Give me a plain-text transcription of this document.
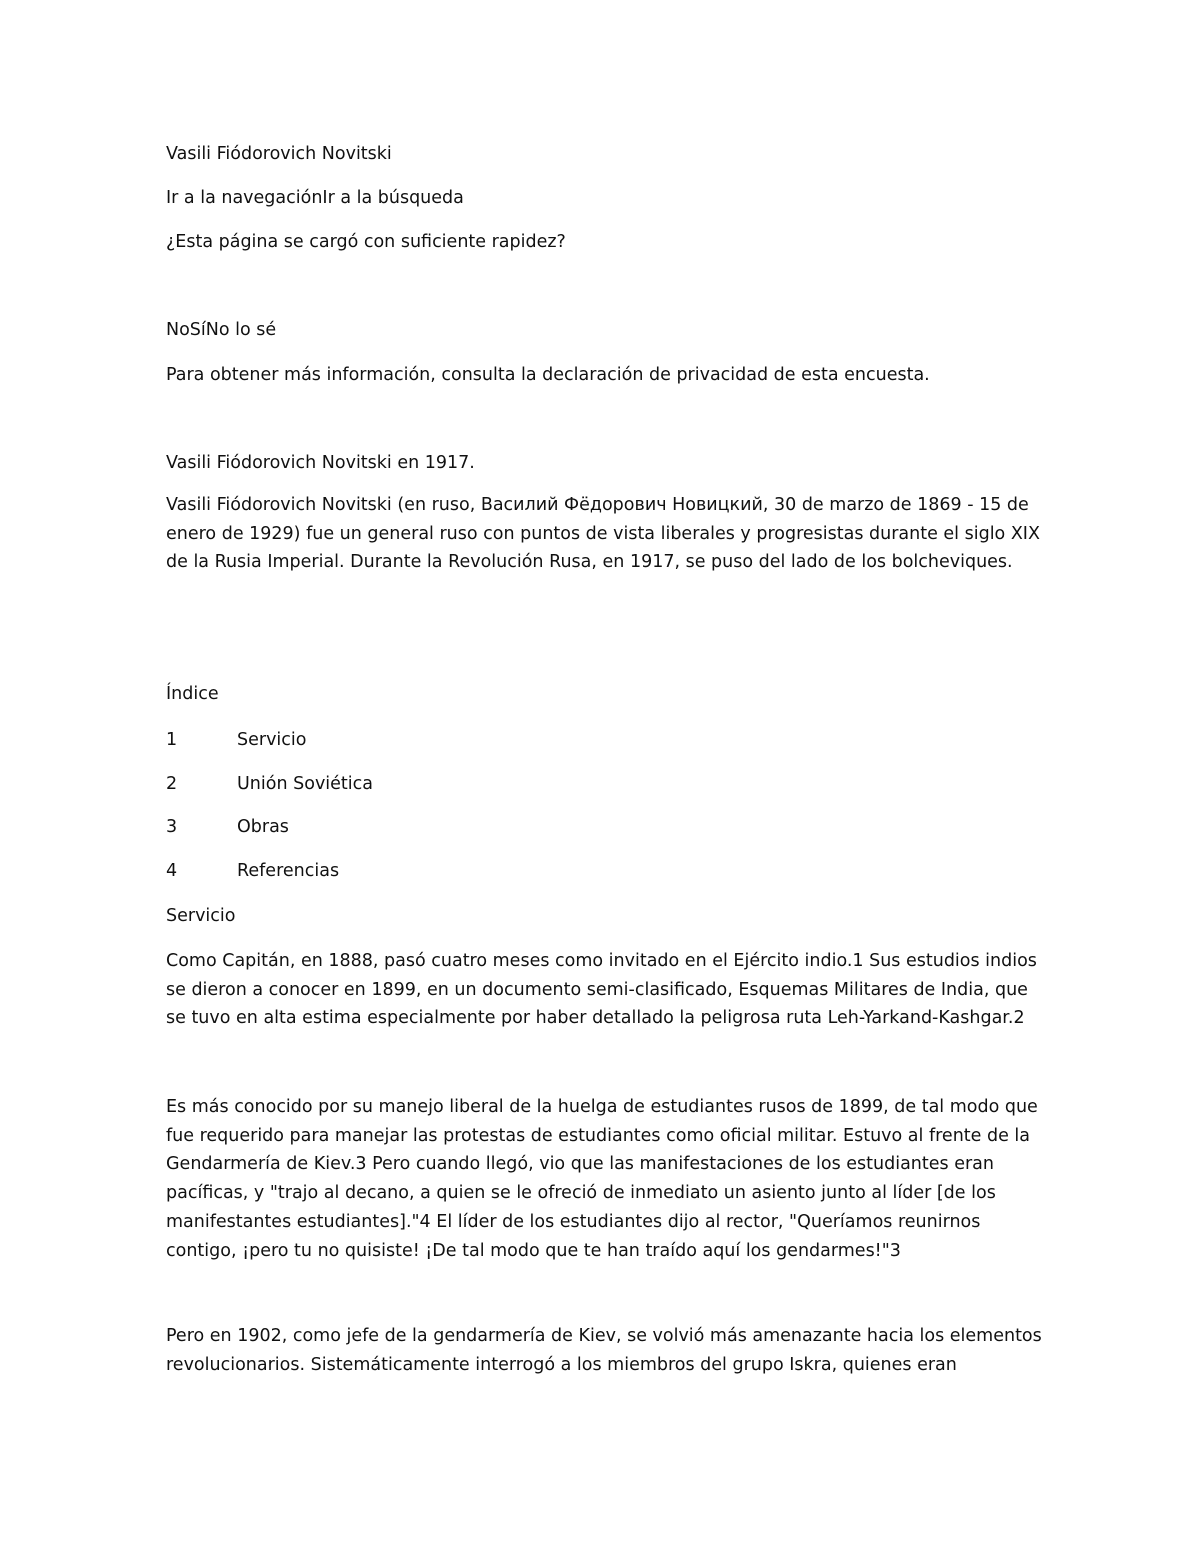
Vasili Fiódorovich Novitski
Ir a la navegaciónIr a la búsqueda
¿Esta página se cargó con suficiente rapidez?
NoSíNo lo sé
Para obtener más información, consulta la declaración de privacidad de esta encuesta.
Vasili Fiódorovich Novitski en 1917.
Vasili Fiódorovich Novitski (en ruso, Василий Фёдорович Новицкий, 30 de marzo de 1869 - 15 de
enero de 1929) fue un general ruso con puntos de vista liberales y progresistas durante el siglo XIX
de la Rusia Imperial. Durante la Revolución Rusa, en 1917, se puso del lado de los bolcheviques.
Índice
1	Servicio
2	Unión Soviética
3	Obras
4	Referencias
Servicio
Como Capitán, en 1888, pasó cuatro meses como invitado en el Ejército indio.1 Sus estudios indios
se dieron a conocer en 1899, en un documento semi-clasificado, Esquemas Militares de India, que
se tuvo en alta estima especialmente por haber detallado la peligrosa ruta Leh-Yarkand-Kashgar.2
Es más conocido por su manejo liberal de la huelga de estudiantes rusos de 1899, de tal modo que
fue requerido para manejar las protestas de estudiantes como oficial militar. Estuvo al frente de la
Gendarmería de Kiev.3 Pero cuando llegó, vio que las manifestaciones de los estudiantes eran
pacíficas, y "trajo al decano, a quien se le ofreció de inmediato un asiento junto al líder [de los
manifestantes estudiantes]."4 El líder de los estudiantes dijo al rector, "Queríamos reunirnos
contigo, ¡pero tu no quisiste! ¡De tal modo que te han traído aquí los gendarmes!"3
Pero en 1902, como jefe de la gendarmería de Kiev, se volvió más amenazante hacia los elementos
revolucionarios. Sistemáticamente interrogó a los miembros del grupo Iskra, quienes eran
